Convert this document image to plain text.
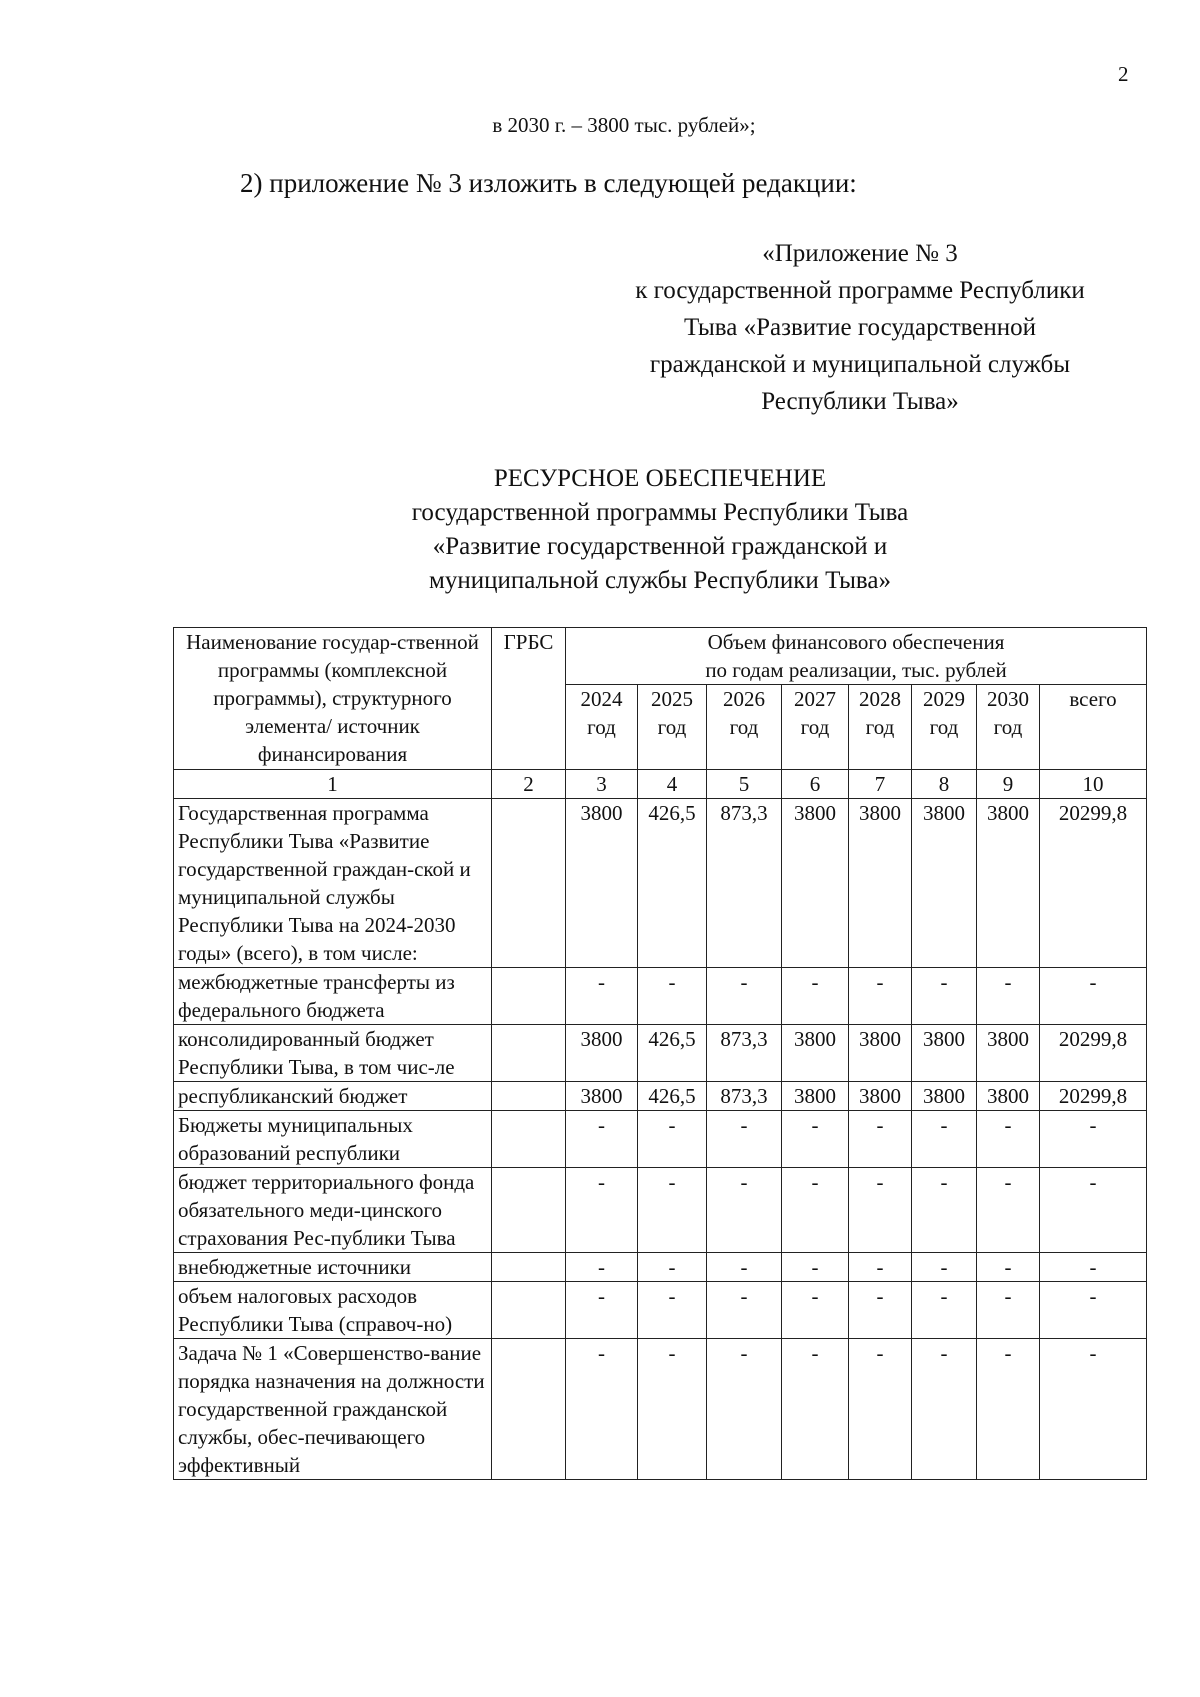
2
в 2030 г. – 3800 тыс. рублей»;
2) приложение № 3 изложить в следующей редакции:
«Приложение № 3
к государственной программе Республики
Тыва «Развитие государственной
гражданской и муниципальной службы
Республики Тыва»
РЕСУРСНОЕ ОБЕСПЕЧЕНИЕ
государственной программы Республики Тыва
«Развитие государственной гражданской и
муниципальной службы Республики Тыва»
Наименование государ-ственной программы (комплексной программы), структурного элемента/ источник финансирования	ГРБС	Объем финансового обеспечения
по годам реализации, тыс. рублей							

		2024 год	2025 год	2026 год	2027 год	2028 год	2029 год	2030 год	всего
1	2	3	4	5	6	7	8	9	10
Государственная программа Республики Тыва «Развитие государственной граждан-ской и муниципальной службы Республики Тыва на 2024-2030 годы» (всего), в том числе:		3800	426,5	873,3	3800	3800	3800	3800	20299,8
межбюджетные трансферты из федерального бюджета		-	-	-	-	-	-	-	-
консолидированный бюджет Республики Тыва, в том чис-ле		3800	426,5	873,3	3800	3800	3800	3800	20299,8
республиканский бюджет		3800	426,5	873,3	3800	3800	3800	3800	20299,8
Бюджеты муниципальных образований республики		-	-	-	-	-	-	-	-
бюджет территориального фонда обязательного меди-цинского страхования Рес-публики Тыва		-	-	-	-	-	-	-	-
внебюджетные источники		-	-	-	-	-	-	-	-
объем налоговых расходов Республики Тыва (справоч-но)		-	-	-	-	-	-	-	-
Задача № 1 «Совершенство-вание порядка назначения на должности государственной гражданской службы, обес-печивающего эффективный		-	-	-	-	-	-	-	-
